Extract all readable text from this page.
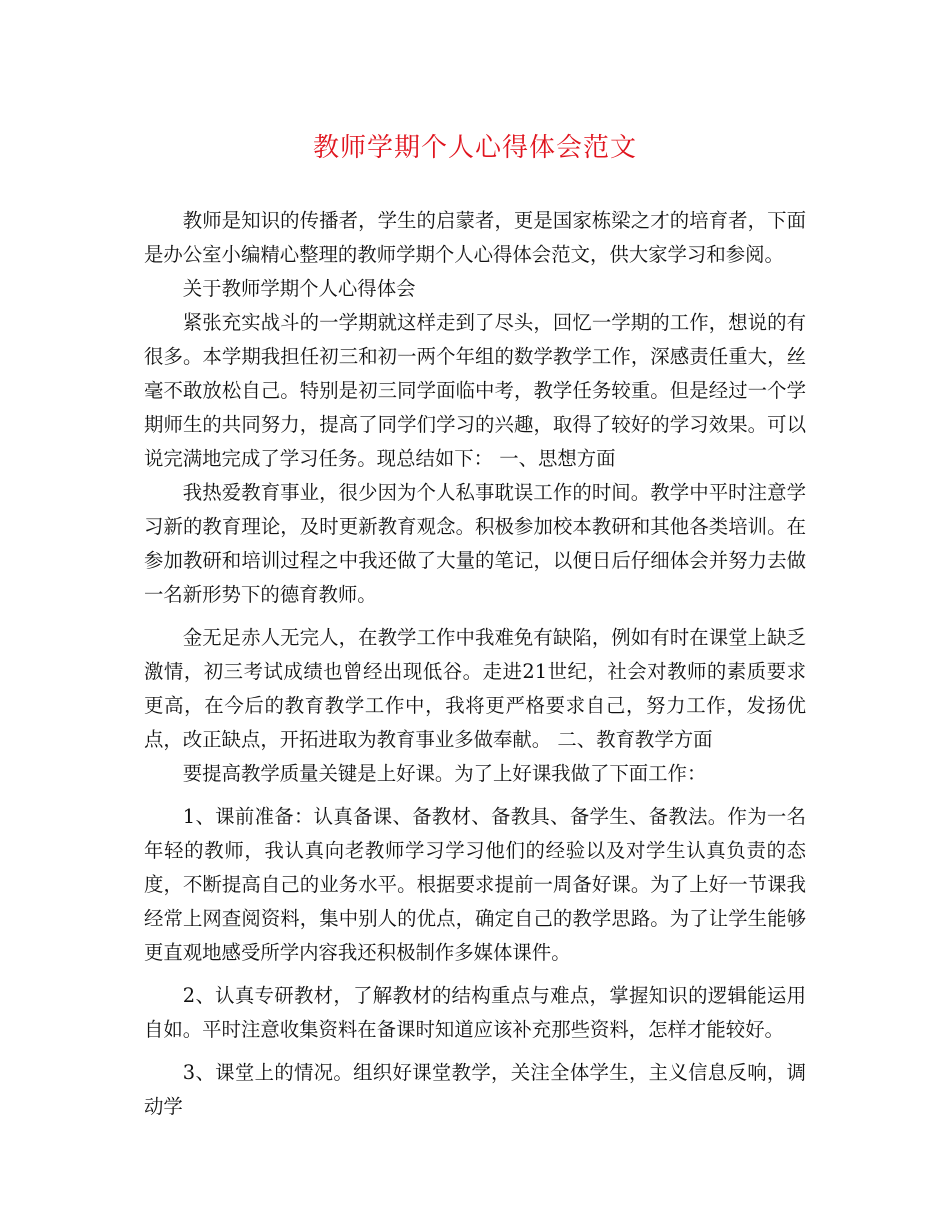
教师学期个人心得体会范文

教师是知识的传播者，学生的启蒙者，更是国家栋梁之才的培育者，下面是办公室小编精心整理的教师学期个人心得体会范文，供大家学习和参阅。

关于教师学期个人心得体会

紧张充实战斗的一学期就这样走到了尽头，回忆一学期的工作，想说的有很多。本学期我担任初三和初一两个年组的数学教学工作，深感责任重大，丝毫不敢放松自己。特别是初三同学面临中考，教学任务较重。但是经过一个学期师生的共同努力，提高了同学们学习的兴趣，取得了较好的学习效果。可以说完满地完成了学习任务。现总结如下： 一、思想方面

我热爱教育事业，很少因为个人私事耽误工作的时间。教学中平时注意学习新的教育理论，及时更新教育观念。积极参加校本教研和其他各类培训。在参加教研和培训过程之中我还做了大量的笔记，以便日后仔细体会并努力去做一名新形势下的德育教师。

金无足赤人无完人，在教学工作中我难免有缺陷，例如有时在课堂上缺乏激情，初三考试成绩也曾经出现低谷。走进21世纪，社会对教师的素质要求更高，在今后的教育教学工作中，我将更严格要求自己，努力工作，发扬优点，改正缺点，开拓进取为教育事业多做奉献。 二、教育教学方面

要提高教学质量关键是上好课。为了上好课我做了下面工作：

1、课前准备：认真备课、备教材、备教具、备学生、备教法。作为一名年轻的教师，我认真向老教师学习学习他们的经验以及对学生认真负责的态度，不断提高自己的业务水平。根据要求提前一周备好课。为了上好一节课我经常上网查阅资料，集中别人的优点，确定自己的教学思路。为了让学生能够更直观地感受所学内容我还积极制作多媒体课件。

2、认真专研教材，了解教材的结构重点与难点，掌握知识的逻辑能运用自如。平时注意收集资料在备课时知道应该补充那些资料，怎样才能较好。

3、课堂上的情况。组织好课堂教学，关注全体学生，主义信息反响，调动学
